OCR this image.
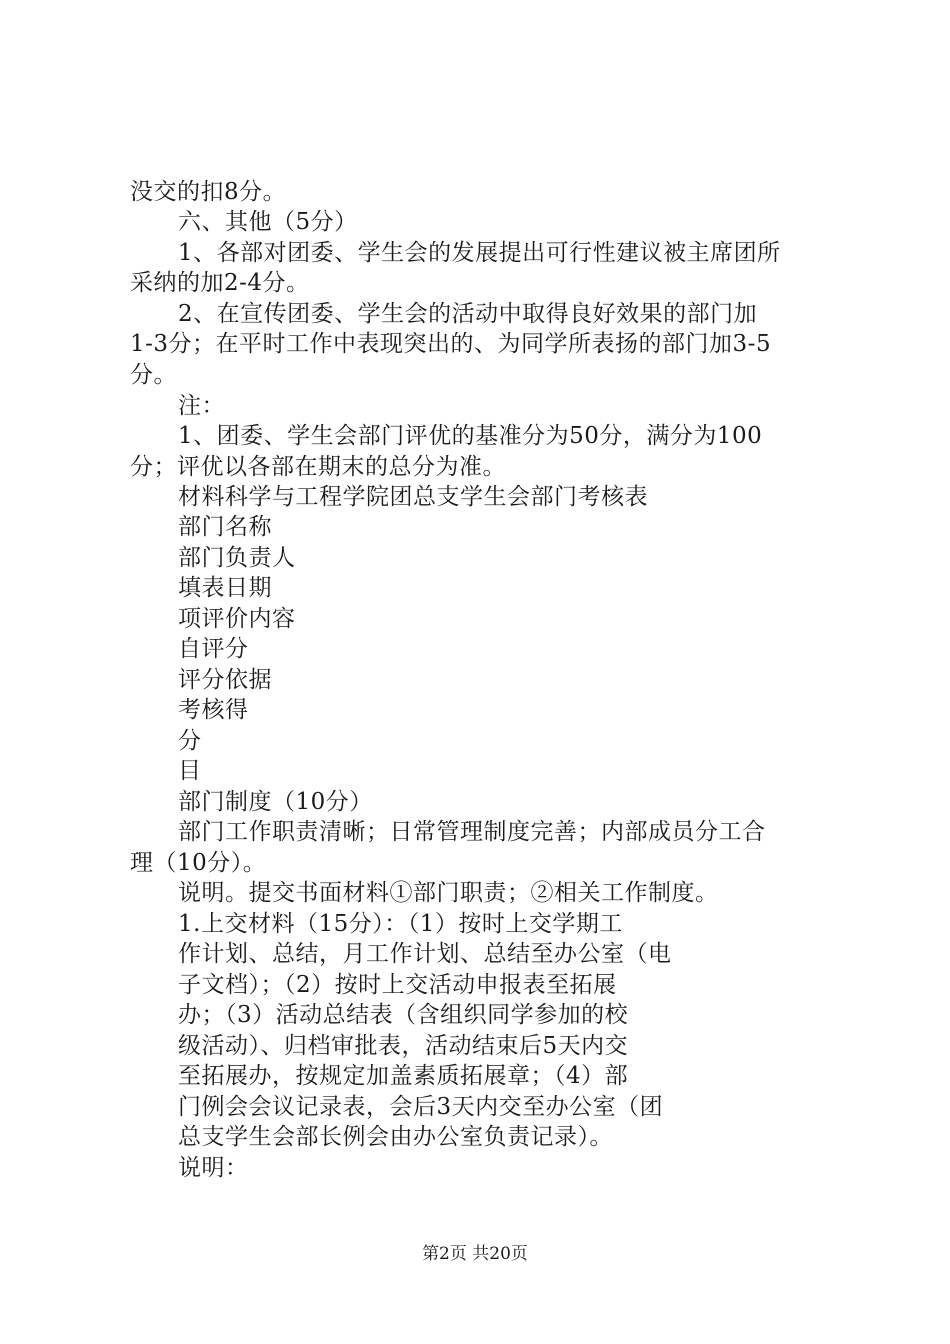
没交的扣8分。
六、其他（5分）
1、各部对团委、学生会的发展提出可行性建议被主席团所
采纳的加2-4分。
2、在宣传团委、学生会的活动中取得良好效果的部门加
1-3分；在平时工作中表现突出的、为同学所表扬的部门加3-5
分。
注：
1、团委、学生会部门评优的基准分为50分，满分为100
分；评优以各部在期末的总分为准。
材料科学与工程学院团总支学生会部门考核表
部门名称
部门负责人
填表日期
项评价内容
自评分
评分依据
考核得
分
目
部门制度（10分）
部门工作职责清晰；日常管理制度完善；内部成员分工合
理（10分）。
说明。提交书面材料①部门职责；②相关工作制度。
1.上交材料（15分）：（1）按时上交学期工
作计划、总结，月工作计划、总结至办公室（电
子文档）；（2）按时上交活动申报表至拓展
办；（3）活动总结表（含组织同学参加的校
级活动）、归档审批表，活动结束后5天内交
至拓展办，按规定加盖素质拓展章；（4）部
门例会会议记录表，会后3天内交至办公室（团
总支学生会部长例会由办公室负责记录）。
说明：
第2页 共20页
